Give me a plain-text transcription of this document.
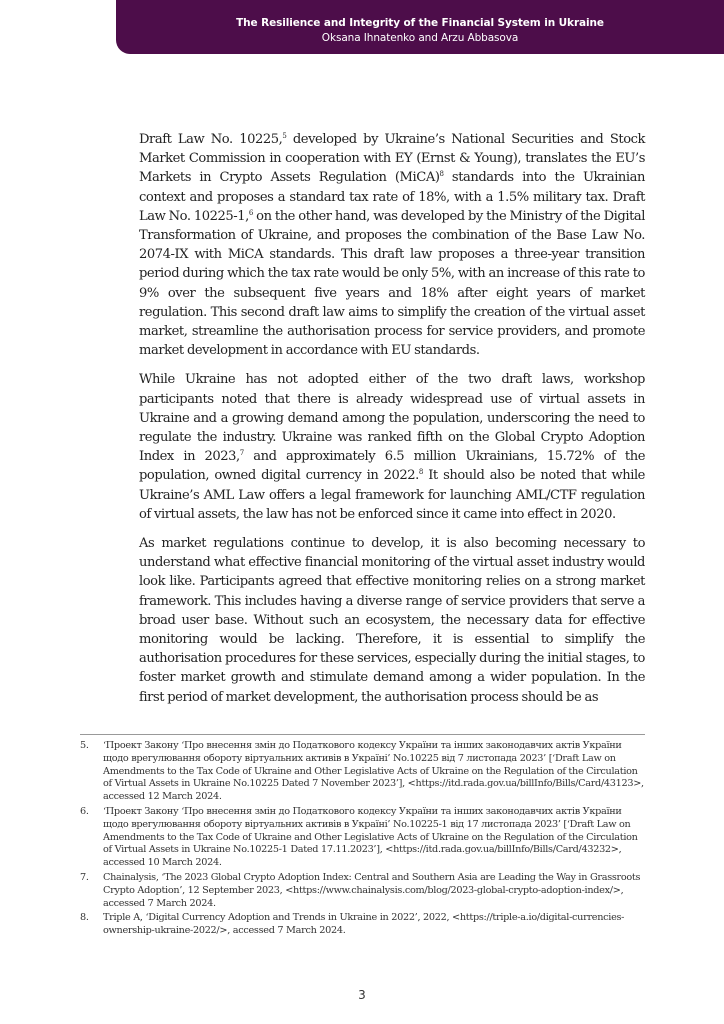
The Resilience and Integrity of the Financial System in Ukraine
Oksana Ihnatenko and Arzu Abbasova

Draft Law No. 10225,$^5$ developed by Ukraine’s National Securities and Stock Market Commission in cooperation with EY (Ernst & Young), translates the EU’s Markets in Crypto Assets Regulation (MiCA)$^8$ standards into the Ukrainian context and proposes a standard tax rate of 18%, with a 1.5% military tax. Draft Law No. 10225-1,$^6$ on the other hand, was developed by the Ministry of the Digital Transformation of Ukraine, and proposes the combination of the Base Law No. 2074-IX with MiCA standards. This draft law proposes a three-year transition period during which the tax rate would be only 5%, with an increase of this rate to 9% over the subsequent five years and 18% after eight years of market regulation. This second draft law aims to simplify the creation of the virtual asset market, streamline the authorisation process for service providers, and promote market development in accordance with EU standards.

While Ukraine has not adopted either of the two draft laws, workshop participants noted that there is already widespread use of virtual assets in Ukraine and a growing demand among the population, underscoring the need to regulate the industry. Ukraine was ranked fifth on the Global Crypto Adoption Index in 2023,$^7$ and approximately 6.5 million Ukrainians, 15.72% of the population, owned digital currency in 2022.$^8$ It should also be noted that while Ukraine’s AML Law offers a legal framework for launching AML/CTF regulation of virtual assets, the law has not be enforced since it came into effect in 2020.

As market regulations continue to develop, it is also becoming necessary to understand what effective financial monitoring of the virtual asset industry would look like. Participants agreed that effective monitoring relies on a strong market framework. This includes having a diverse range of service providers that serve a broad user base. Without such an ecosystem, the necessary data for effective monitoring would be lacking. Therefore, it is essential to simplify the authorisation procedures for these services, especially during the initial stages, to foster market growth and stimulate demand among a wider population. In the first period of market development, the authorisation process should be as

5.	‘Проект Закону ‘Про внесення змін до Податкового кодексу України та інших законодавчих актів України щодо врегулювання обороту віртуальних активів в Україні’ No.10225 від 7 листопада 2023’ [‘Draft Law on Amendments to the Tax Code of Ukraine and Other Legislative Acts of Ukraine on the Regulation of the Circulation of Virtual Assets in Ukraine No.10225 Dated 7 November 2023’], <https://itd.rada.gov.ua/billInfo/Bills/Card/43123>, accessed 12 March 2024.
6.	‘Проект Закону ‘Про внесення змін до Податкового кодексу України та інших законодавчих актів України щодо врегулювання обороту віртуальних активів в Україні’ No.10225-1 від 17 листопада 2023’ [‘Draft Law on Amendments to the Tax Code of Ukraine and Other Legislative Acts of Ukraine on the Regulation of the Circulation of Virtual Assets in Ukraine No.10225-1 Dated 17.11.2023’], <https://itd.rada.gov.ua/billInfo/Bills/Card/43232>, accessed 10 March 2024.
7.	Chainalysis, ‘The 2023 Global Crypto Adoption Index: Central and Southern Asia are Leading the Way in Grassroots Crypto Adoption’, 12 September 2023, <https://www.chainalysis.com/blog/2023-global-crypto-adoption-index/>, accessed 7 March 2024.
8.	Triple A, ‘Digital Currency Adoption and Trends in Ukraine in 2022’, 2022, <https://triple-a.io/digital-currencies-ownership-ukraine-2022/>, accessed 7 March 2024.
3
